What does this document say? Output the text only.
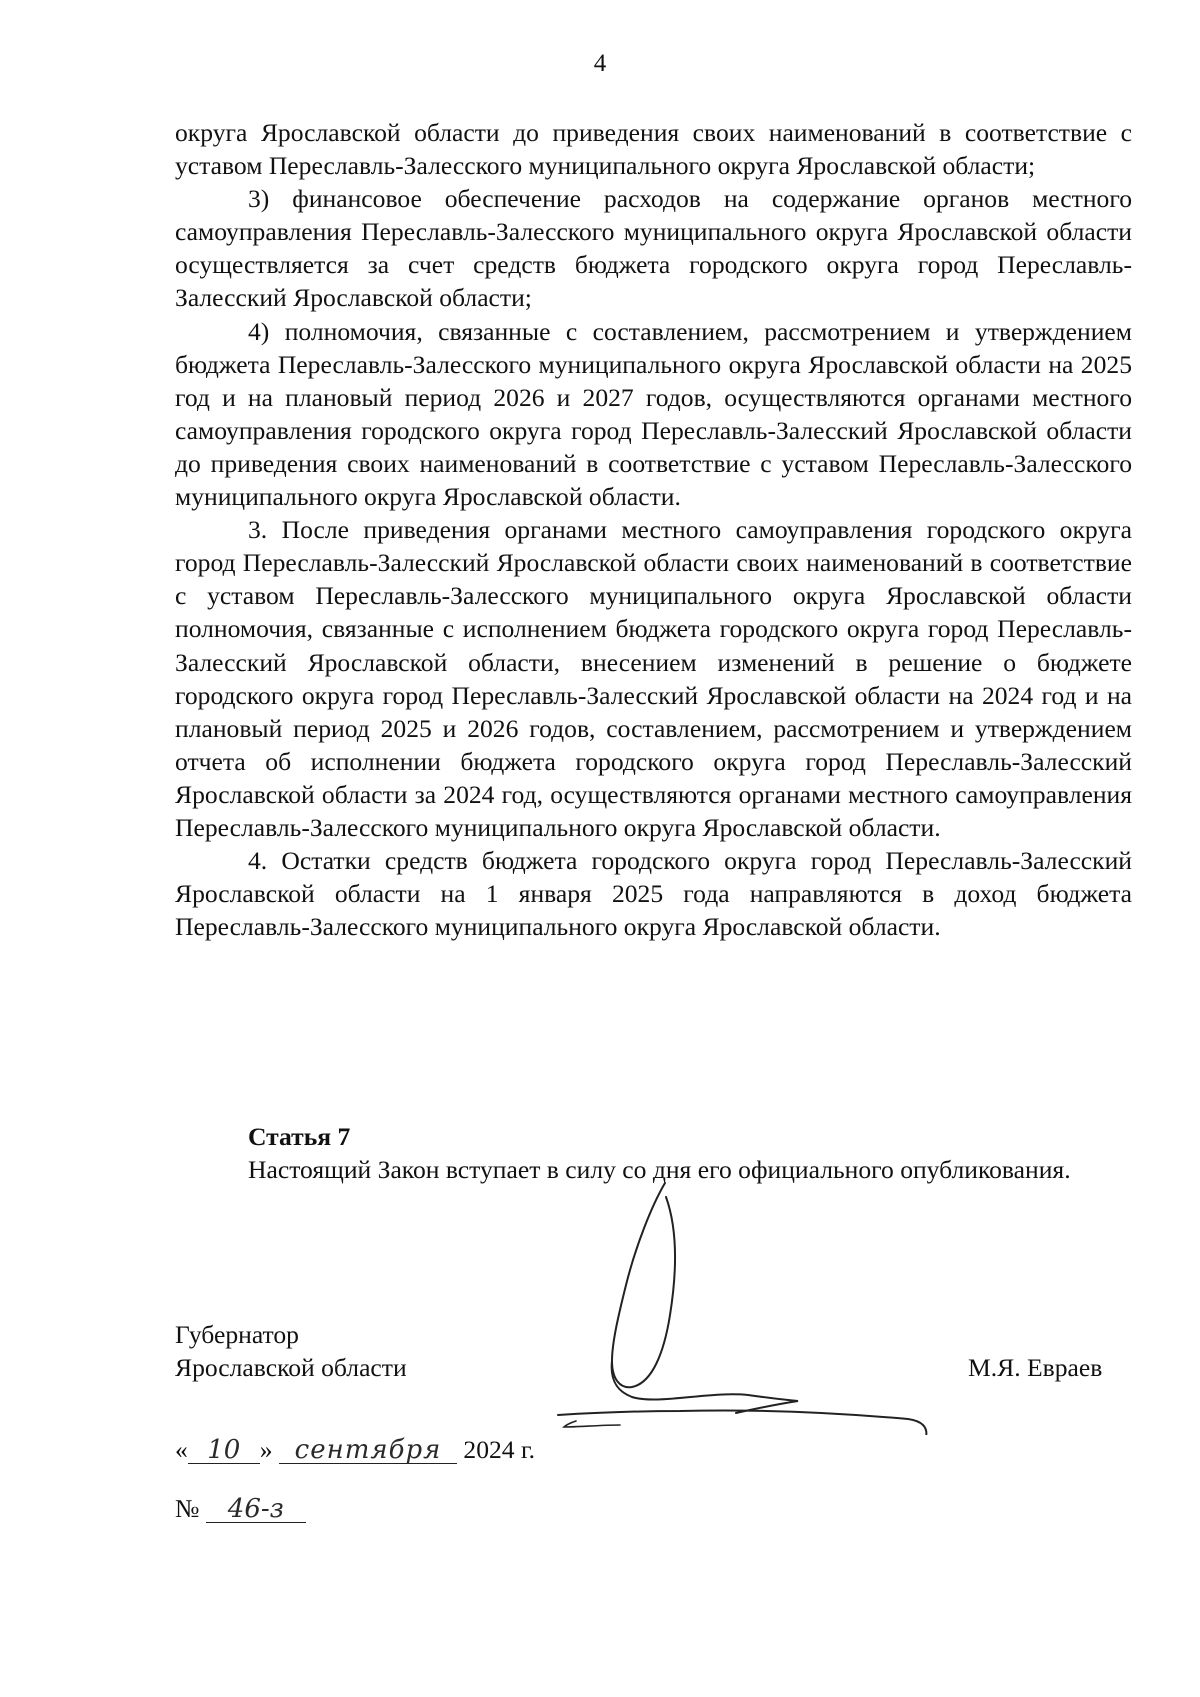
4

округа Ярославской области до приведения своих наименований в соответствие с уставом Переславль-Залесского муниципального округа Ярославской области;

3) финансовое обеспечение расходов на содержание органов местного самоуправления Переславль-Залесского муниципального округа Ярославской области осуществляется за счет средств бюджета городского округа город Переславль-Залесский Ярославской области;

4) полномочия, связанные с составлением, рассмотрением и утверждением бюджета Переславль-Залесского муниципального округа Ярославской области на 2025 год и на плановый период 2026 и 2027 годов, осуществляются органами местного самоуправления городского округа город Переславль-Залесский Ярославской области до приведения своих наименований в соответствие с уставом Переславль-Залесского муниципального округа Ярославской области.

3. После приведения органами местного самоуправления городского округа город Переславль-Залесский Ярославской области своих наименований в соответствие с уставом Переславль-Залесского муниципального округа Ярославской области полномочия, связанные с исполнением бюджета городского округа город Переславль-Залесский Ярославской области, внесением изменений в решение о бюджете городского округа город Переславль-Залесский Ярославской области на 2024 год и на плановый период 2025 и 2026 годов, составлением, рассмотрением и утверждением отчета об исполнении бюджета городского округа город Переславль-Залесский Ярославской области за 2024 год, осуществляются органами местного самоуправления Переславль-Залесского муниципального округа Ярославской области.

4. Остатки средств бюджета городского округа город Переславль-Залесский Ярославской области на 1 января 2025 года направляются в доход бюджета Переславль-Залесского муниципального округа Ярославской области.

Статья 7

Настоящий Закон вступает в силу со дня его официального опубликования.

Губернатор
Ярославской области	М.Я. Евраев
« 10 » сентября 2024 г.
№ 46-з
